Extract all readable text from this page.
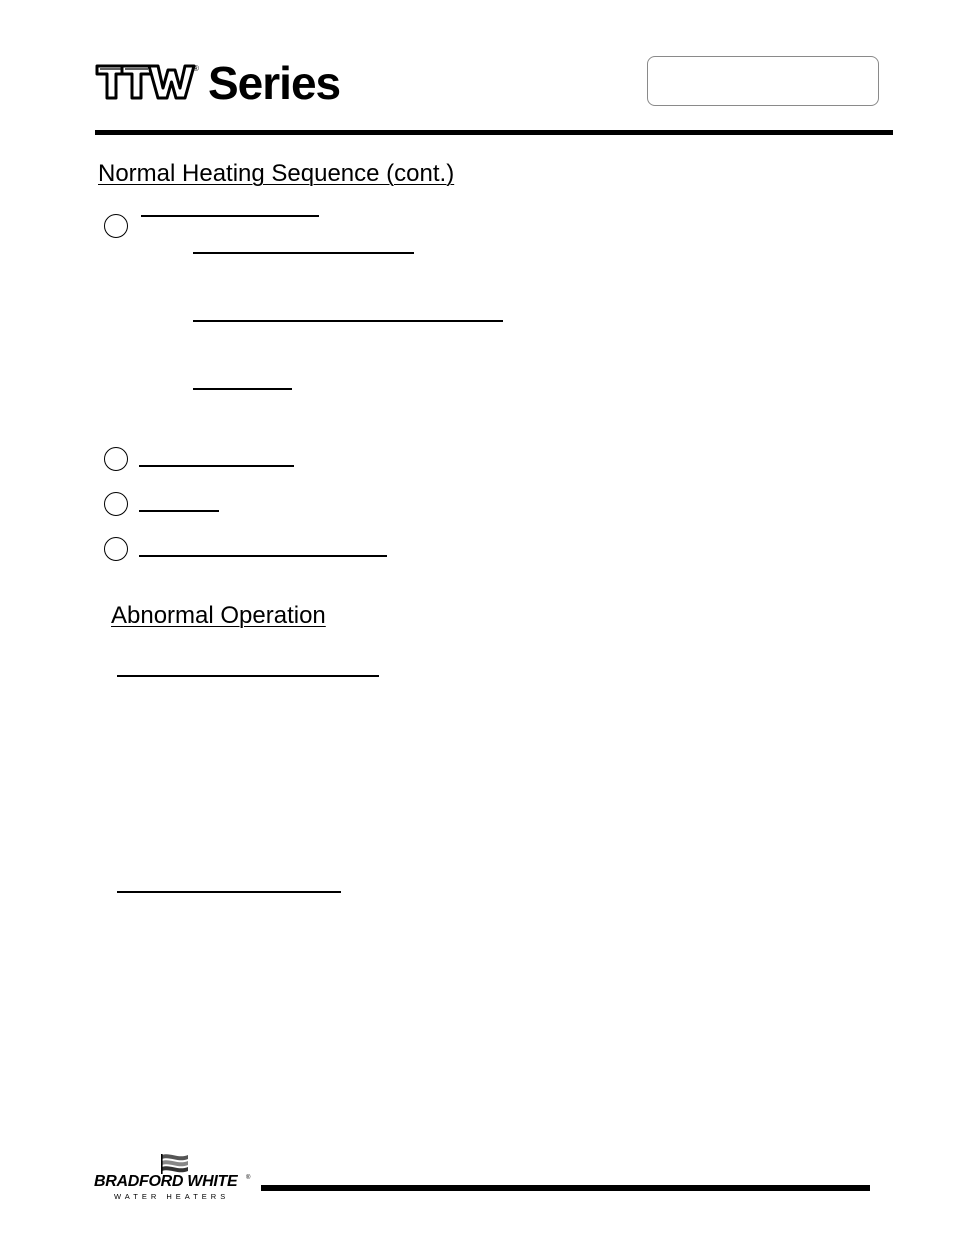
® Series
Normal Heating Sequence (cont.)
Abnormal Operation
BRADFORD WHITE ®
WATER HEATERS
